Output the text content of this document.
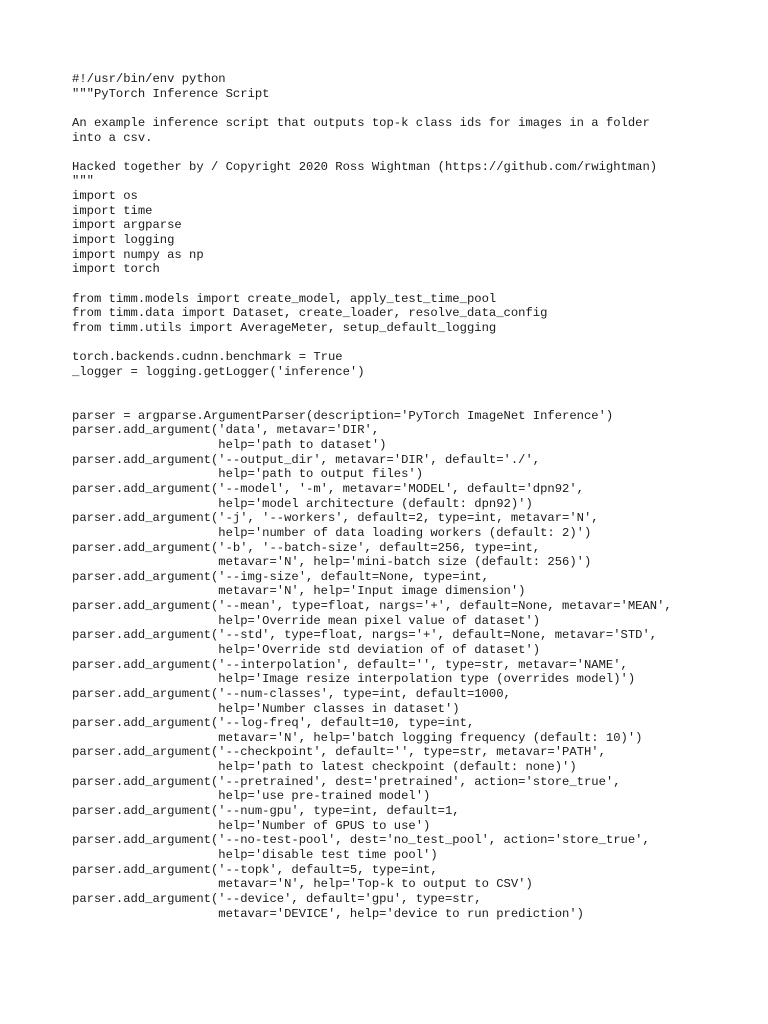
#!/usr/bin/env python
"""PyTorch Inference Script
An example inference script that outputs top-k class ids for images in a folder
into a csv.
Hacked together by / Copyright 2020 Ross Wightman (https://github.com/rwightman)
"""
import os
import time
import argparse
import logging
import numpy as np
import torch
from timm.models import create_model, apply_test_time_pool
from timm.data import Dataset, create_loader, resolve_data_config
from timm.utils import AverageMeter, setup_default_logging
torch.backends.cudnn.benchmark = True
_logger = logging.getLogger('inference')
parser = argparse.ArgumentParser(description='PyTorch ImageNet Inference')
parser.add_argument('data', metavar='DIR',
help='path to dataset')
parser.add_argument('--output_dir', metavar='DIR', default='./',
help='path to output files')
parser.add_argument('--model', '-m', metavar='MODEL', default='dpn92',
help='model architecture (default: dpn92)')
parser.add_argument('-j', '--workers', default=2, type=int, metavar='N',
help='number of data loading workers (default: 2)')
parser.add_argument('-b', '--batch-size', default=256, type=int,
metavar='N', help='mini-batch size (default: 256)')
parser.add_argument('--img-size', default=None, type=int,
metavar='N', help='Input image dimension')
parser.add_argument('--mean', type=float, nargs='+', default=None, metavar='MEAN',
help='Override mean pixel value of dataset')
parser.add_argument('--std', type=float, nargs='+', default=None, metavar='STD',
help='Override std deviation of of dataset')
parser.add_argument('--interpolation', default='', type=str, metavar='NAME',
help='Image resize interpolation type (overrides model)')
parser.add_argument('--num-classes', type=int, default=1000,
help='Number classes in dataset')
parser.add_argument('--log-freq', default=10, type=int,
metavar='N', help='batch logging frequency (default: 10)')
parser.add_argument('--checkpoint', default='', type=str, metavar='PATH',
help='path to latest checkpoint (default: none)')
parser.add_argument('--pretrained', dest='pretrained', action='store_true',
help='use pre-trained model')
parser.add_argument('--num-gpu', type=int, default=1,
help='Number of GPUS to use')
parser.add_argument('--no-test-pool', dest='no_test_pool', action='store_true',
help='disable test time pool')
parser.add_argument('--topk', default=5, type=int,
metavar='N', help='Top-k to output to CSV')
parser.add_argument('--device', default='gpu', type=str,
metavar='DEVICE', help='device to run prediction')
